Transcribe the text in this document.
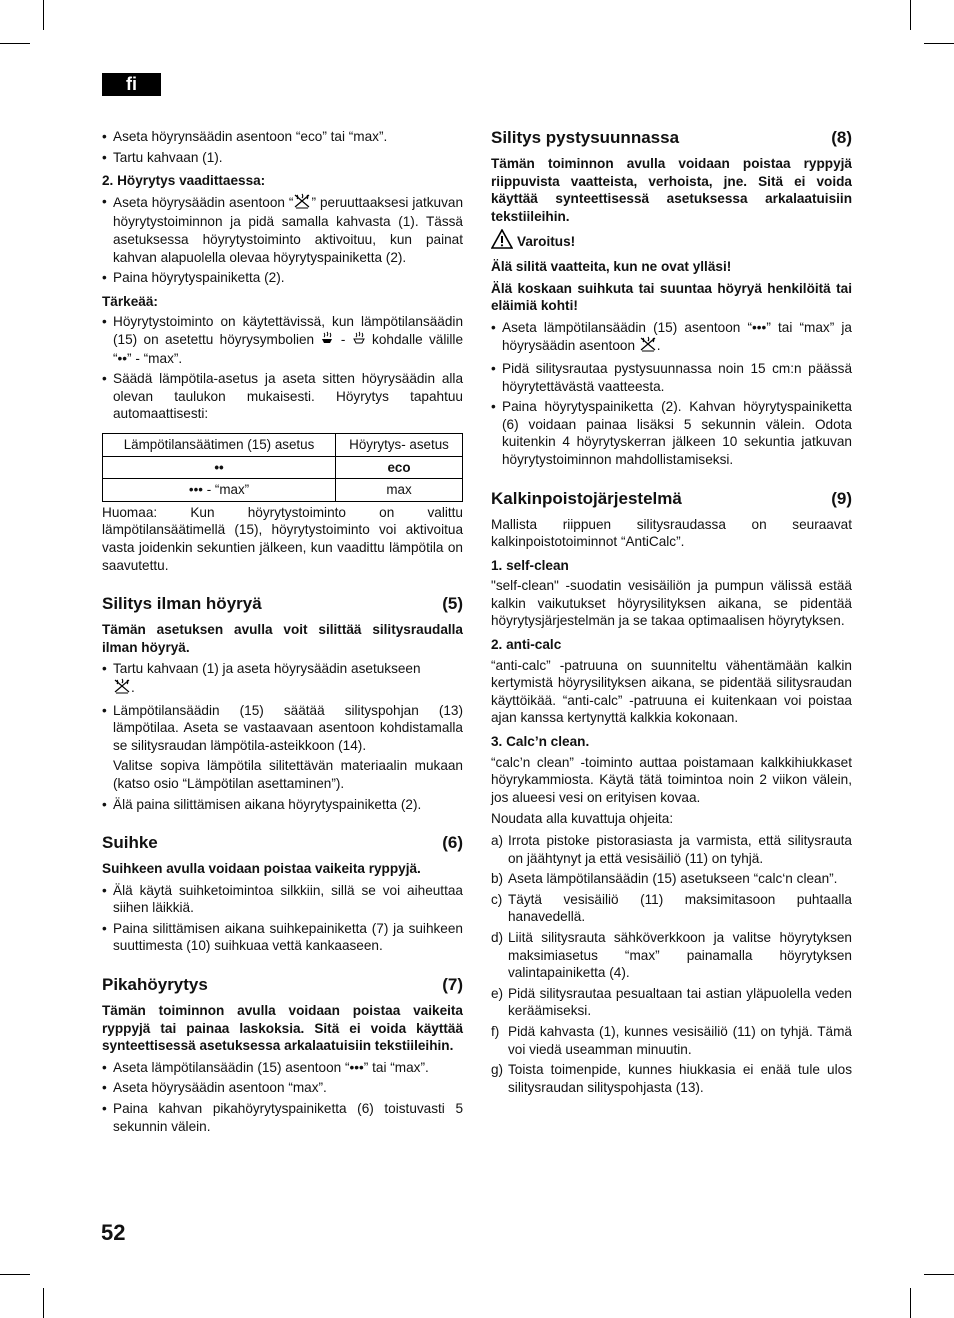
fi
• Aseta höyrynsäädin asentoon “eco” tai “max”.
• Tartu kahvaan (1).
2. Höyrytys vaadittaessa:
• Aseta höyrysäädin asentoon “ ” peruuttaaksesi jatkuvan höyrytystoiminnon ja pidä samalla kahvasta (1). Tässä asetuksessa höyrytystoiminto aktivoituu, kun painat kahvan alapuolella olevaa höyrytyspainiketta (2).
• Paina höyrytyspainiketta (2).
Tärkeää:
• Höyrytystoiminto on käytettävissä, kun lämpötilansäädin (15) on asetettu höyrysymbolien - kohdalle välille “••” - “max”.
• Säädä lämpötila-asetus ja aseta sitten höyrysäädin alla olevan taulukon mukaisesti. Höyrytys tapahtuu automaattisesti:
Lämpötilansäätimen (15) asetus	Höyrytys- asetus
••	eco
••• - “max”	max

Huomaa: Kun höyrytystoiminto on valittu lämpötilansäätimellä (15), höyrytystoiminto voi aktivoitua vasta joidenkin sekuntien jälkeen, kun vaadittu lämpötila on saavutettu.

Silitys ilman höyryä	(5)

Tämän asetuksen avulla voit silittää silitysraudalla ilman höyryä.

• Tartu kahvaan (1) ja aseta höyrysäädin asetukseen
.
• Lämpötilansäädin (15) säätää silityspohjan (13) lämpötilaa. Aseta se vastaavaan asentoon kohdistamalla se silitysraudan lämpötila-asteikkoon (14).
Valitse sopiva lämpötila silitettävän materiaalin mukaan (katso osio “Lämpötilan asettaminen”).
• Älä paina silittämisen aikana höyrytyspainiketta (2).
Suihke	(6)

Suihkeen avulla voidaan poistaa vaikeita ryppyjä.

• Älä käytä suihketoimintoa silkkiin, sillä se voi aiheuttaa siihen läikkiä.
• Paina silittämisen aikana suihkepainiketta (7) ja suihkeen suuttimesta (10) suihkuaa vettä kankaaseen.
Pikahöyrytys	(7)

Tämän toiminnon avulla voidaan poistaa vaikeita ryppyjä tai painaa laskoksia. Sitä ei voida käyttää synteettisessä asetuksessa arkalaatuisiin tekstiileihin.

• Aseta lämpötilansäädin (15) asentoon “•••” tai “max”.
• Aseta höyrysäädin asentoon “max”.
• Paina kahvan pikahöyrytyspainiketta (6) toistuvasti 5 sekunnin välein.
Silitys pystysuunnassa	(8)

Tämän toiminnon avulla voidaan poistaa ryppyjä riippuvista vaatteista, verhoista, jne. Sitä ei voida käyttää synteettisessä asetuksessa arkalaatuisiin tekstiileihin.

Varoitus!

Älä silitä vaatteita, kun ne ovat ylläsi!

Älä koskaan suihkuta tai suuntaa höyryä henkilöitä tai eläimiä kohti!

• Aseta lämpötilansäädin (15) asentoon “•••” tai “max” ja höyrysäädin asentoon .
• Pidä silitysrautaa pystysuunnassa noin 15 cm:n päässä höyrytettävästä vaatteesta.
• Paina höyrytyspainiketta (2). Kahvan höyrytyspainiketta (6) voidaan painaa lisäksi 5 sekunnin välein. Odota kuitenkin 4 höyrytyskerran jälkeen 10 sekuntia jatkuvan höyrytystoiminnon mahdollistamiseksi.
Kalkinpoistojärjestelmä	(9)

Mallista riippuen silitysraudassa on seuraavat kalkinpoistotoiminnot “AntiCalc”.

1. self-clean

"self-clean" -suodatin vesisäiliön ja pumpun välissä estää kalkin vaikutukset höyrysilityksen aikana, se pidentää höyrytysjärjestelmän ja se takaa optimaalisen höyrytyksen.

2. anti-calc

“anti-calc” -patruuna on suunniteltu vähentämään kalkin kertymistä höyrysilityksen aikana, se pidentää silitysraudan käyttöikää. “anti-calc” -patruuna ei kuitenkaan voi poistaa ajan kanssa kertynyttä kalkkia kokonaan.

3. Calc’n clean.

“calc’n clean” -toiminto auttaa poistamaan kalkkihiukkaset höyrykammiosta. Käytä tätä toimintoa noin 2 viikon välein, jos alueesi vesi on erityisen kovaa.

Noudata alla kuvattuja ohjeita:

a) Irrota pistoke pistorasiasta ja varmista, että silitysrauta on jäähtynyt ja että vesisäiliö (11) on tyhjä.
b) Aseta lämpötilansäädin (15) asetukseen “calc‘n clean”.
c) Täytä vesisäiliö (11) maksimitasoon puhtaalla hanavedellä.
d) Liitä silitysrauta sähköverkkoon ja valitse höyrytyksen maksimiasetus “max” painamalla höyrytyksen valintapainiketta (4).
e) Pidä silitysrautaa pesualtaan tai astian yläpuolella veden keräämiseksi.
f) Pidä kahvasta (1), kunnes vesisäiliö (11) on tyhjä. Tämä voi viedä useamman minuutin.
g) Toista toimenpide, kunnes hiukkasia ei enää tule ulos silitysraudan silityspohjasta (13).
52
